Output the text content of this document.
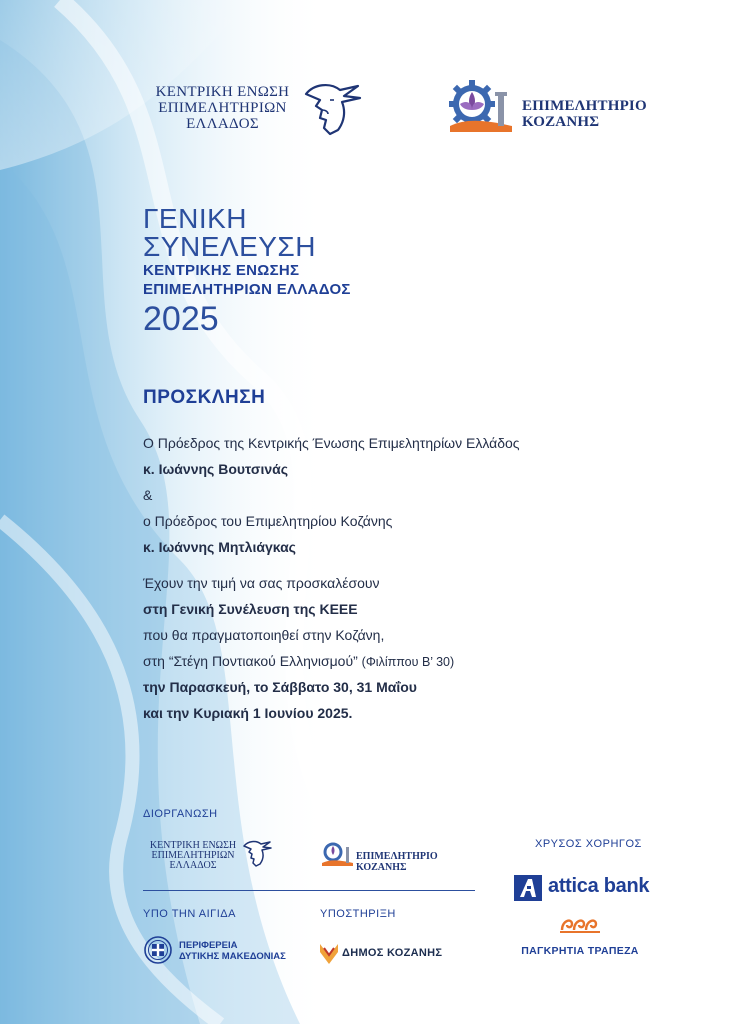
ΚΕΝΤΡΙΚΗ ΕΝΩΣΗ
ΕΠΙΜΕΛΗΤΗΡΙΩΝ
ΕΛΛΑΔΟΣ
ΕΠΙΜΕΛΗΤΗΡΙΟ
ΚΟΖΑΝΗΣ
ΓΕΝΙΚΗ
ΣΥΝΕΛΕΥΣΗ
ΚΕΝΤΡΙΚΗΣ ΕΝΩΣΗΣ
ΕΠΙΜΕΛΗΤΗΡΙΩΝ ΕΛΛΑΔΟΣ
2025
ΠΡΟΣΚΛΗΣΗ
Ο Πρόεδρος της Κεντρικής Ένωσης Επιμελητηρίων Ελλάδος
κ. Ιωάννης Βουτσινάς
&
ο Πρόεδρος του Επιμελητηρίου Κοζάνης
κ. Ιωάννης Μητλιάγκας
Έχουν την τιμή να σας προσκαλέσουν
στη Γενική Συνέλευση της ΚΕΕΕ
που θα πραγματοποιηθεί στην Κοζάνη,
στη “Στέγη Ποντιακού Ελληνισμού” (Φιλίππου Β’ 30)
την Παρασκευή, το Σάββατο 30, 31 Μαΐου
και την Κυριακή 1 Ιουνίου 2025.
ΔΙΟΡΓΑΝΩΣΗ
ΚΕΝΤΡΙΚΗ ΕΝΩΣΗ
ΕΠΙΜΕΛΗΤΗΡΙΩΝ
ΕΛΛΑΔΟΣ
ΕΠΙΜΕΛΗΤΗΡΙΟ
ΚΟΖΑΝΗΣ
ΥΠΟ ΤΗΝ ΑΙΓΙΔΑ	ΥΠΟΣΤΗΡΙΞΗ
ΠΕΡΙΦΕΡΕΙΑ
ΔΥΤΙΚΗΣ ΜΑΚΕΔΟΝΙΑΣ	ΔΗΜΟΣ ΚΟΖΑΝΗΣ
ΧΡΥΣΟΣ ΧΟΡΗΓΟΣ
attica bank
ΠΑΓΚΡΗΤΙΑ ΤΡΑΠΕΖΑ
